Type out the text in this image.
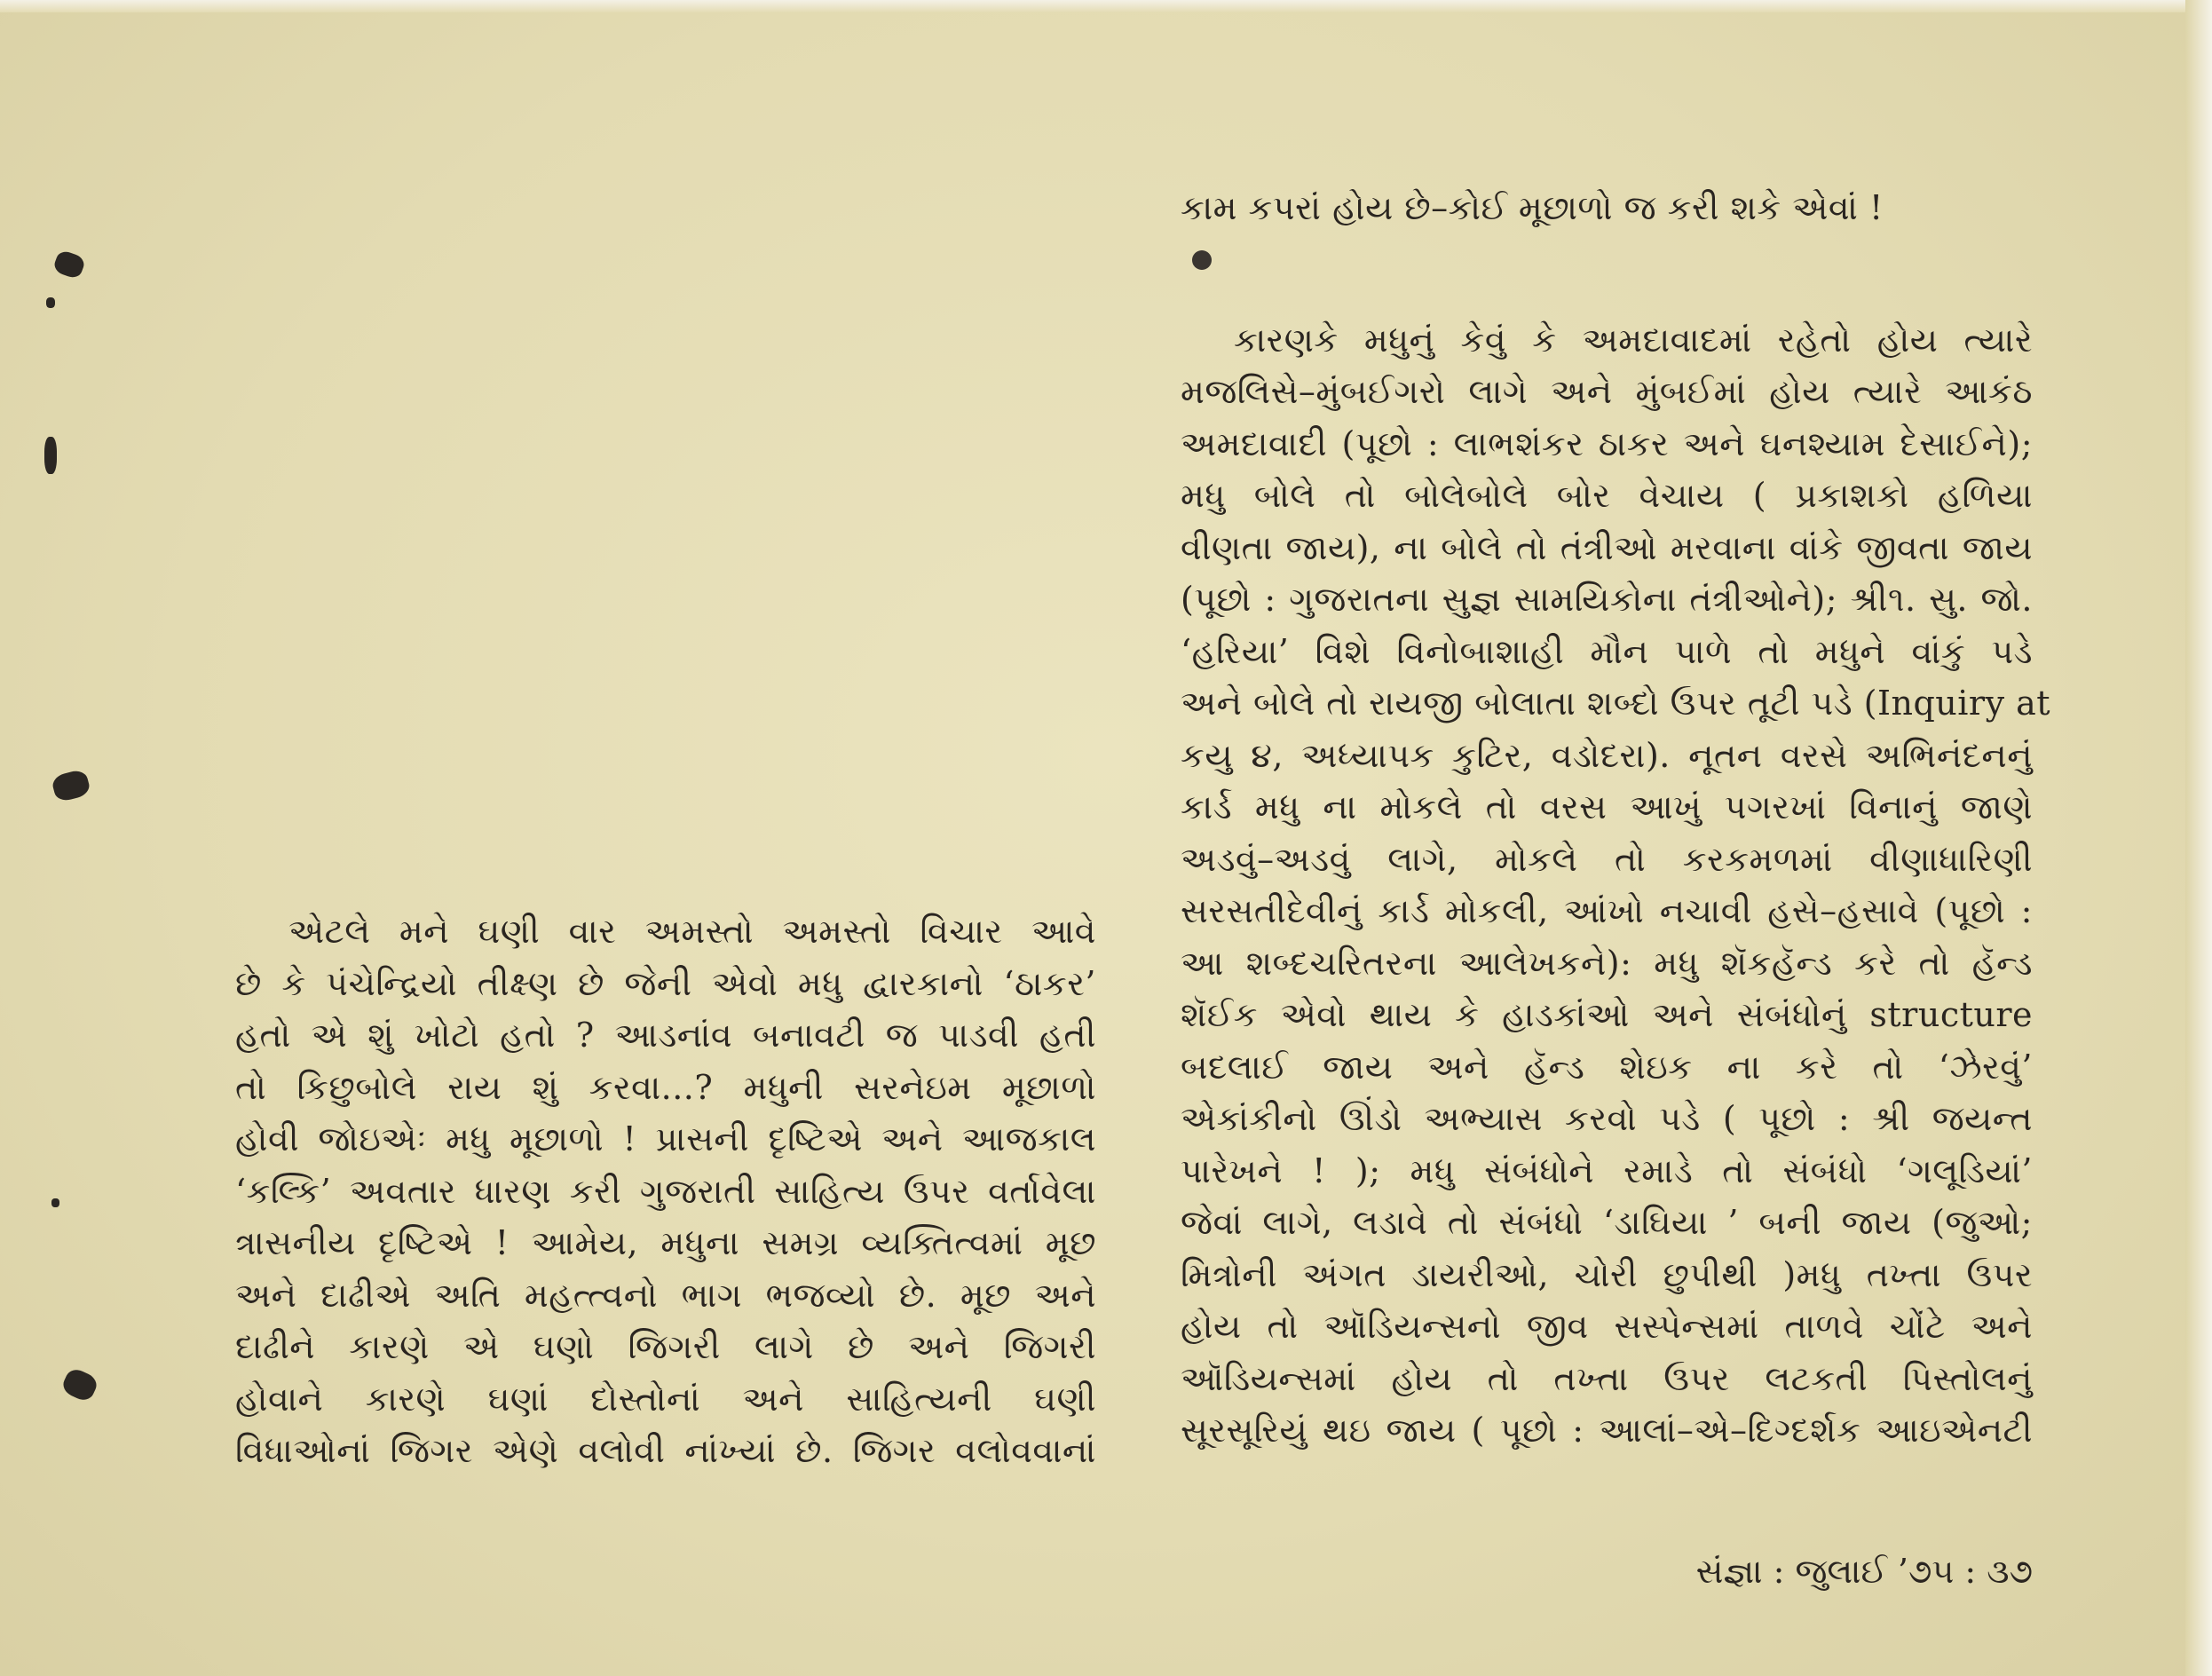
એટલે મને ઘણી વાર અમસ્તો અમસ્તો વિચાર આવે
છે કે પંચેન્દ્રિયો તીક્ષ્ણ છે જેની એવો મધુ દ્વારકાનો ‘ઠાકર’
હતો એ શું ખોટો હતો ? આડનાંવ બનાવટી જ પાડવી હતી
તો કિછુબોલે રાય શું કરવા...? મધુની સરનેઇમ મૂછાળો
હોવી જોઇએઃ મધુ મૂછાળો ! પ્રાસની દૃષ્ટિએ અને આજકાલ
‘કલ્કિ’ અવતાર ધારણ કરી ગુજરાતી સાહિત્ય ઉપર વર્તાવેલા
ત્રાસનીય દૃષ્ટિએ ! આમેય, મધુના સમગ્ર વ્યક્તિત્વમાં મૂછ
અને દાઢીએ અતિ મહત્ત્વનો ભાગ ભજવ્યો છે. મૂછ અને
દાઢીને કારણે એ ઘણો જિગરી લાગે છે અને જિગરી
હોવાને કારણે ઘણાં દોસ્તોનાં અને સાહિત્યની ઘણી
વિધાઓનાં જિગર એણે વલોવી નાંખ્યાં છે. જિગર વલોવવાનાં
કામ કપરાં હોય છે–કોઈ મૂછાળો જ કરી શકે એવાં !
કારણકે મધુનું કેવું કે અમદાવાદમાં રહેતો હોય ત્યારે
મજલિસે–મુંબઈગરો લાગે અને મુંબઈમાં હોય ત્યારે આકંઠ
અમદાવાદી (પૂછો : લાભશંકર ઠાકર અને ઘનશ્યામ દેસાઈને);
મધુ બોલે તો બોલેબોલે બોર વેચાય ( પ્રકાશકો હળિયા
વીણતા જાય), ના બોલે તો તંત્રીઓ મરવાના વાંકે જીવતા જાય
(પૂછો : ગુજરાતના સુજ્ઞ સામયિકોના તંત્રીઓને); શ્રી૧. સુ. જો.
‘હરિયા’ વિશે વિનોબાશાહી મૌન પાળે તો મધુને વાંકું પડે
અને બોલે તો રાયજી બોલાતા શબ્દો ઉપર તૂટી પડે (Inquiry at
કયુ ૪, અધ્યાપક કુટિર, વડોદરા). નૂતન વરસે અભિનંદનનું
કાર્ડ મધુ ના મોકલે તો વરસ આખું પગરખાં વિનાનું જાણે
અડવું–અડવું લાગે, મોકલે તો કરકમળમાં વીણાધારિણી
સરસતીદેવીનું કાર્ડ મોકલી, આંખો નચાવી હસે–હસાવે (પૂછો :
આ શબ્દચરિતરના આલેખકને): મધુ શૅકહૅન્ડ કરે તો હૅન્ડ
શૅઈક એવો થાય કે હાડકાંઓ અને સંબંધોનું structure
બદલાઈ જાય અને હૅન્ડ શેઇક ના કરે તો ‘ઝેરવું’
એકાંકીનો ઊંડો અભ્યાસ કરવો પડે ( પૂછો : શ્રી જયન્ત
પારેખને ! ); મધુ સંબંધોને રમાડે તો સંબંધો ‘ગલૂડિયાં’
જેવાં લાગે, લડાવે તો સંબંધો ‘ડાઘિયા ’ બની જાય (જુઓ;
મિત્રોની અંગત ડાયરીઓ, ચોરી છુપીથી )મધુ તખ્તા ઉપર
હોય તો ઑડિયન્સનો જીવ સસ્પેન્સમાં તાળવે ચોંટે અને
ઑડિયન્સમાં હોય તો તખ્તા ઉપર લટકતી પિસ્તોલનું
સૂરસૂરિયું થઇ જાય ( પૂછો : આલાં–એ–દિગ્દર્શક આઇએનટી
સંજ્ઞા : જુલાઈ ’૭૫ : ૩૭
